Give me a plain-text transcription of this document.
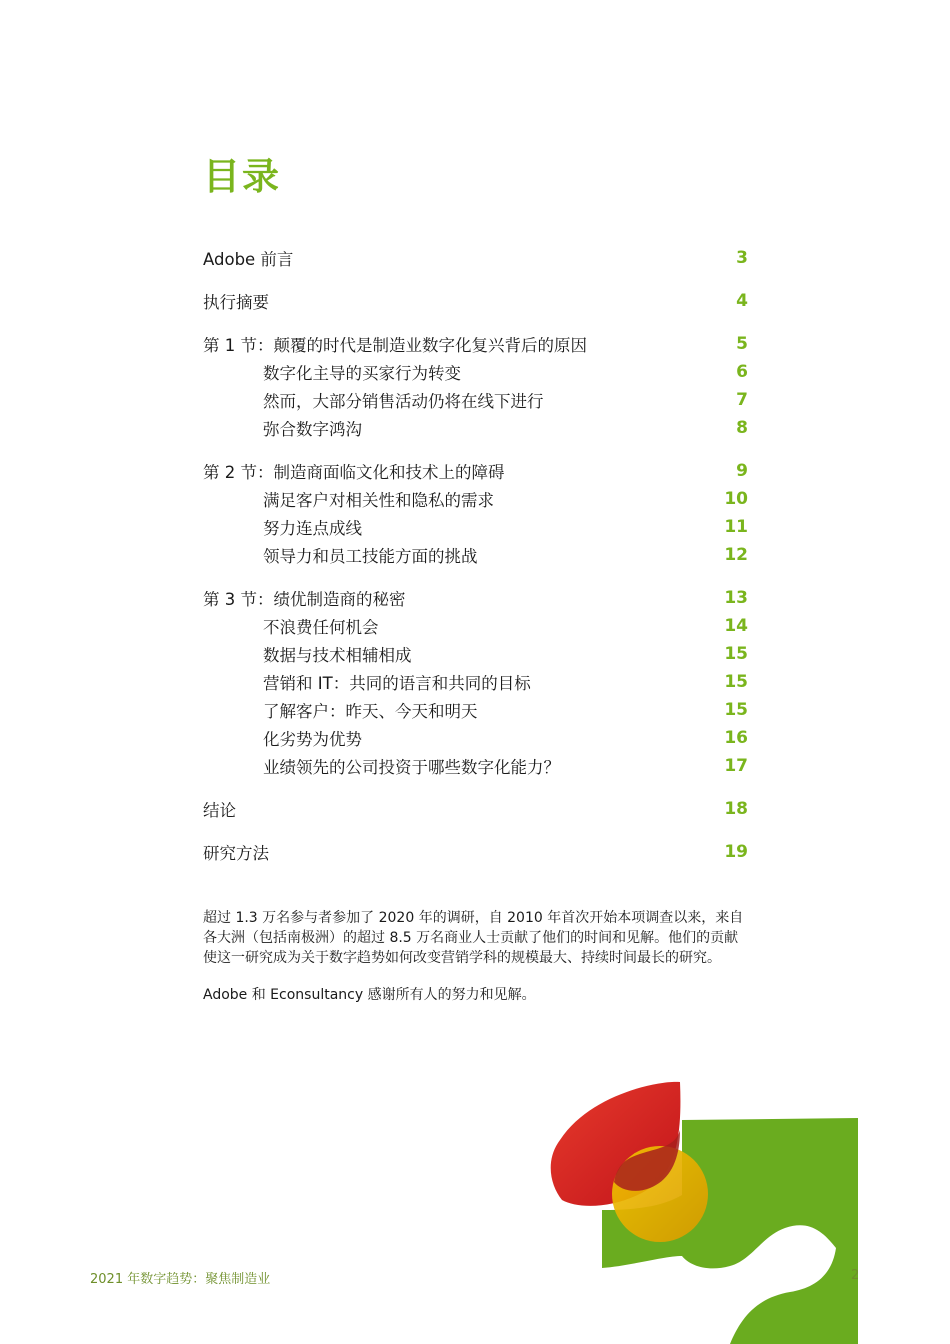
目录
Adobe 前言	3
执行摘要	4
第 1 节：颠覆的时代是制造业数字化复兴背后的原因	5
数字化主导的买家行为转变	6
然而，大部分销售活动仍将在线下进行	7
弥合数字鸿沟	8
第 2 节：制造商面临文化和技术上的障碍	9
满足客户对相关性和隐私的需求	10
努力连点成线	11
领导力和员工技能方面的挑战	12
第 3 节：绩优制造商的秘密	13
不浪费任何机会	14
数据与技术相辅相成	15
营销和 IT：共同的语言和共同的目标	15
了解客户：昨天、今天和明天	15
化劣势为优势	16
业绩领先的公司投资于哪些数字化能力？	17
结论	18
研究方法	19

超过 1.3 万名参与者参加了 2020 年的调研，自 2010 年首次开始本项调查以来，来自各大洲（包括南极洲）的超过 8.5 万名商业人士贡献了他们的时间和见解。他们的贡献使这一研究成为关于数字趋势如何改变营销学科的规模最大、持续时间最长的研究。

Adobe 和 Econsultancy 感谢所有人的努力和见解。

2021 年数字趋势：聚焦制造业	2
